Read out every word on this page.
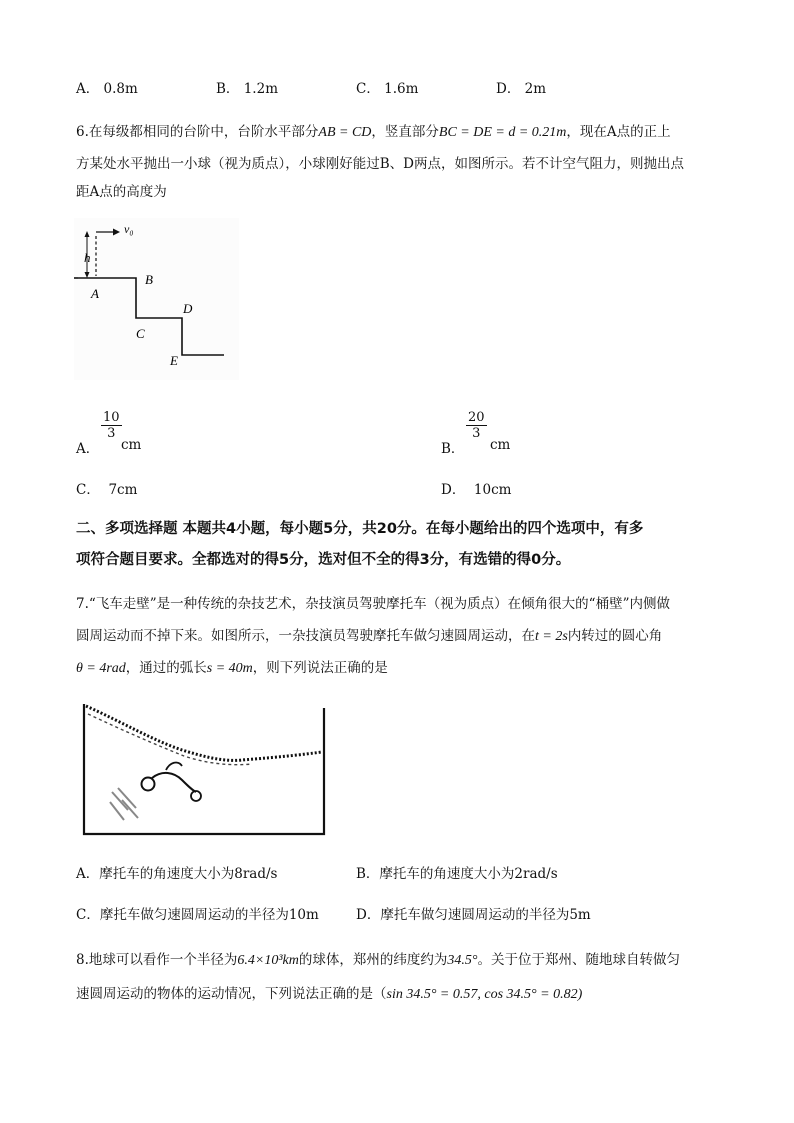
A． 0.8m	B． 1.2m	C． 1.6m	D． 2m
6.在每级都相同的台阶中，台阶水平部分AB = CD，竖直部分BC = DE = d = 0.21m，现在A点的正上
方某处水平抛出一小球（视为质点），小球刚好能过B、D两点，如图所示。若不计空气阻力，则抛出点
距A点的高度为
v₀
h
A
B
C
D
E
A．
$\frac{10}{3}$
cm	B．
$\frac{20}{3}$
cm
C． 7cm	D． 10cm
二、多项选择题 本题共4小题，每小题5分，共20分。在每小题给出的四个选项中，有多
项符合题目要求。全都选对的得5分，选对但不全的得3分，有选错的得0分。
7.“飞车走壁”是一种传统的杂技艺术，杂技演员驾驶摩托车（视为质点）在倾角很大的“桶壁”内侧做
圆周运动而不掉下来。如图所示，一杂技演员驾驶摩托车做匀速圆周运动，在t = 2s内转过的圆心角
θ = 4rad，通过的弧长s = 40m，则下列说法正确的是
A．摩托车的角速度大小为8rad/s	B．摩托车的角速度大小为2rad/s
C．摩托车做匀速圆周运动的半径为10m	D．摩托车做匀速圆周运动的半径为5m
8.地球可以看作一个半径为6.4×10³km的球体，郑州的纬度约为34.5°。关于位于郑州、随地球自转做匀
速圆周运动的物体的运动情况，下列说法正确的是（sin 34.5° = 0.57, cos 34.5° = 0.82)
